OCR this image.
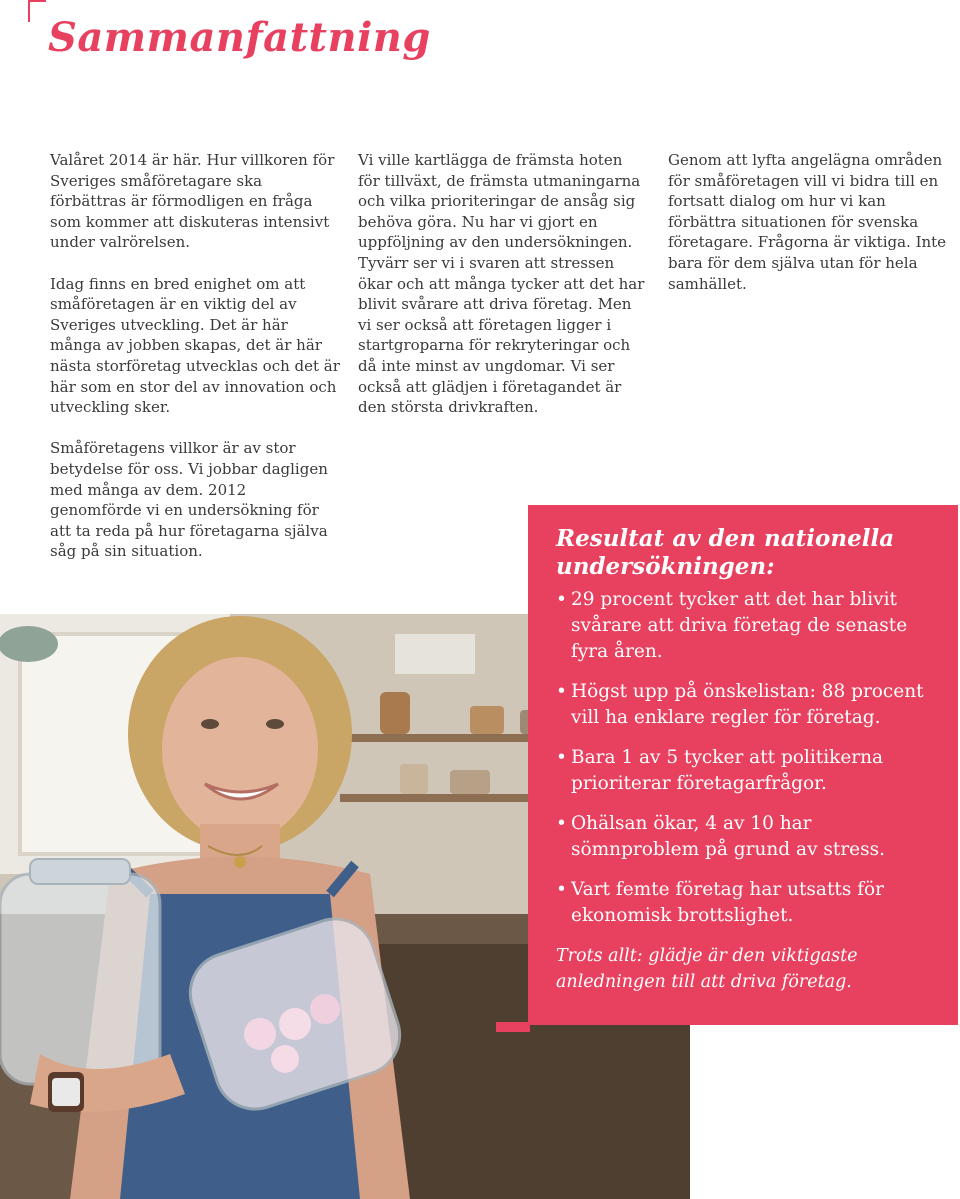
Sammanfattning

Valåret 2014 är här. Hur villkoren för Sveriges småföretagare ska förbättras är förmodligen en fråga som kommer att diskuteras intensivt under valrörelsen.

Idag finns en bred enighet om att småföretagen är en viktig del av Sveriges utveckling. Det är här många av jobben skapas, det är här nästa storföretag utvecklas och det är här som en stor del av innovation och utveckling sker.

Småföretagens villkor är av stor betydelse för oss. Vi jobbar dagligen med många av dem. 2012 genomförde vi en undersökning för att ta reda på hur företagarna själva såg på sin situation.

Vi ville kartlägga de främsta hoten för tillväxt, de främsta utmaningarna och vilka prioriteringar de ansåg sig behöva göra. Nu har vi gjort en uppföljning av den undersökningen. Tyvärr ser vi i svaren att stressen ökar och att många tycker att det har blivit svårare att driva företag. Men vi ser också att företagen ligger i startgroparna för rekryteringar och då inte minst av ungdomar. Vi ser också att glädjen i företagandet är den största drivkraften.

Genom att lyfta angelägna områden för småföretagen vill vi bidra till en fortsatt dialog om hur vi kan förbättra situationen för svenska företagare. Frågorna är viktiga. Inte bara för dem själva utan för hela samhället.

Resultat av den nationella undersökningen:
• 29 procent tycker att det har blivit svårare att driva företag de senaste fyra åren.
• Högst upp på önskelistan: 88 procent vill ha enklare regler för företag.
• Bara 1 av 5 tycker att politikerna prioriterar företagarfrågor.
• Ohälsan ökar, 4 av 10 har sömnproblem på grund av stress.
• Vart femte företag har utsatts för ekonomisk brottslighet.

Trots allt: glädje är den viktigaste anledningen till att driva företag.
